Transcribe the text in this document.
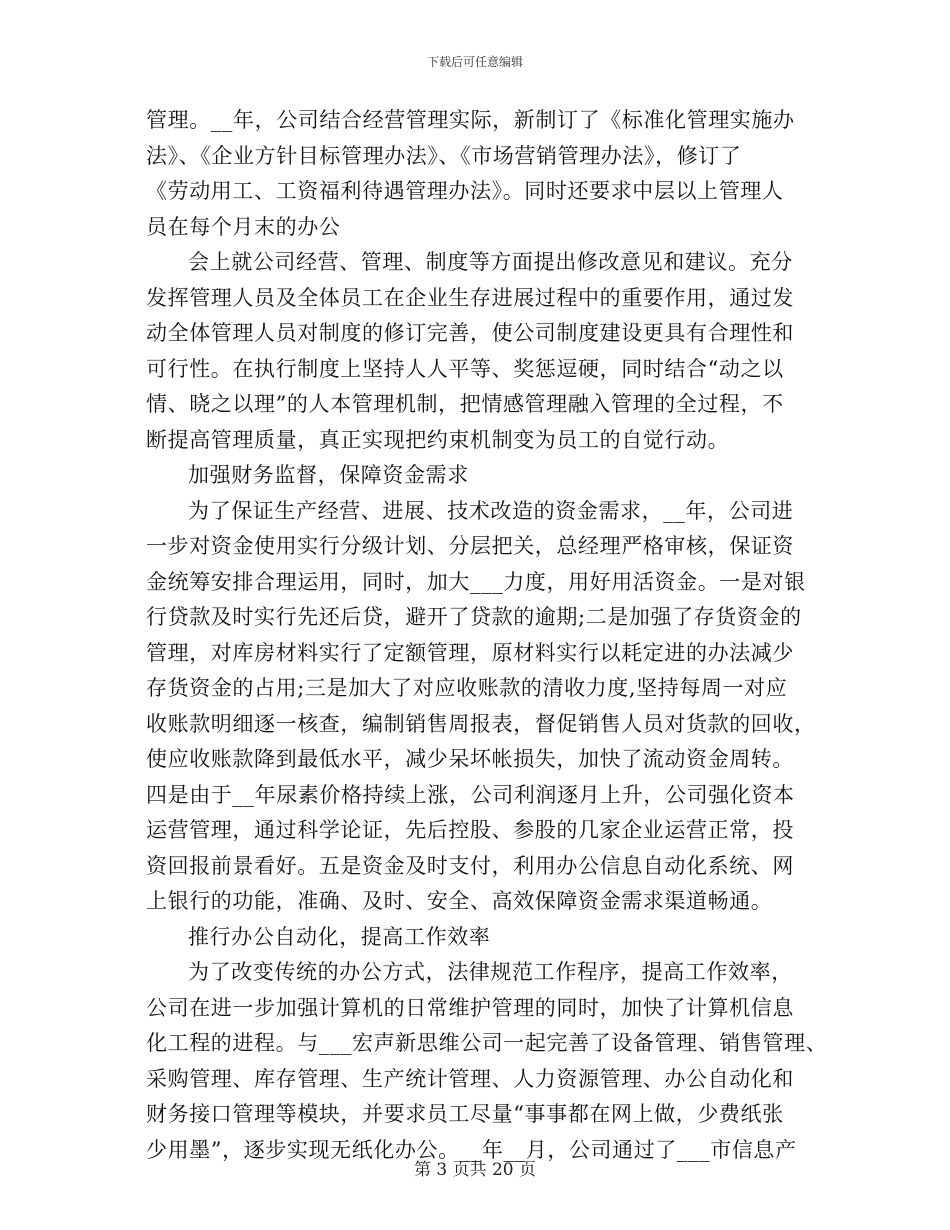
下载后可任意编辑
管理。__年，公司结合经营管理实际，新制订了《标准化管理实施办
法》、《企业方针目标管理办法》、《市场营销管理办法》，修订了
《劳动用工、工资福利待遇管理办法》。同时还要求中层以上管理人
员在每个月末的办公
会上就公司经营、管理、制度等方面提出修改意见和建议。充分
发挥管理人员及全体员工在企业生存进展过程中的重要作用，通过发
动全体管理人员对制度的修订完善，使公司制度建设更具有合理性和
可行性。在执行制度上坚持人人平等、奖惩逗硬，同时结合“动之以
情、晓之以理”的人本管理机制，把情感管理融入管理的全过程，不
断提高管理质量，真正实现把约束机制变为员工的自觉行动。
加强财务监督，保障资金需求
为了保证生产经营、进展、技术改造的资金需求，__年，公司进
一步对资金使用实行分级计划、分层把关，总经理严格审核，保证资
金统筹安排合理运用，同时，加大___力度，用好用活资金。一是对银
行贷款及时实行先还后贷，避开了贷款的逾期;二是加强了存货资金的
管理，对库房材料实行了定额管理，原材料实行以耗定进的办法减少
存货资金的占用;三是加大了对应收账款的清收力度,坚持每周一对应
收账款明细逐一核查，编制销售周报表，督促销售人员对货款的回收，
使应收账款降到最低水平，减少呆坏帐损失，加快了流动资金周转。
四是由于__年尿素价格持续上涨，公司利润逐月上升，公司强化资本
运营管理，通过科学论证，先后控股、参股的几家企业运营正常，投
资回报前景看好。五是资金及时支付，利用办公信息自动化系统、网
上银行的功能，准确、及时、安全、高效保障资金需求渠道畅通。
推行办公自动化，提高工作效率
为了改变传统的办公方式，法律规范工作程序，提高工作效率，
公司在进一步加强计算机的日常维护管理的同时，加快了计算机信息
化工程的进程。与___宏声新思维公司一起完善了设备管理、销售管理、
采购管理、库存管理、生产统计管理、人力资源管理、办公自动化和
财务接口管理等模块，并要求员工尽量“事事都在网上做，少费纸张
少用墨”，逐步实现无纸化办公。__年__月，公司通过了___市信息产
第 3 页共 20 页
